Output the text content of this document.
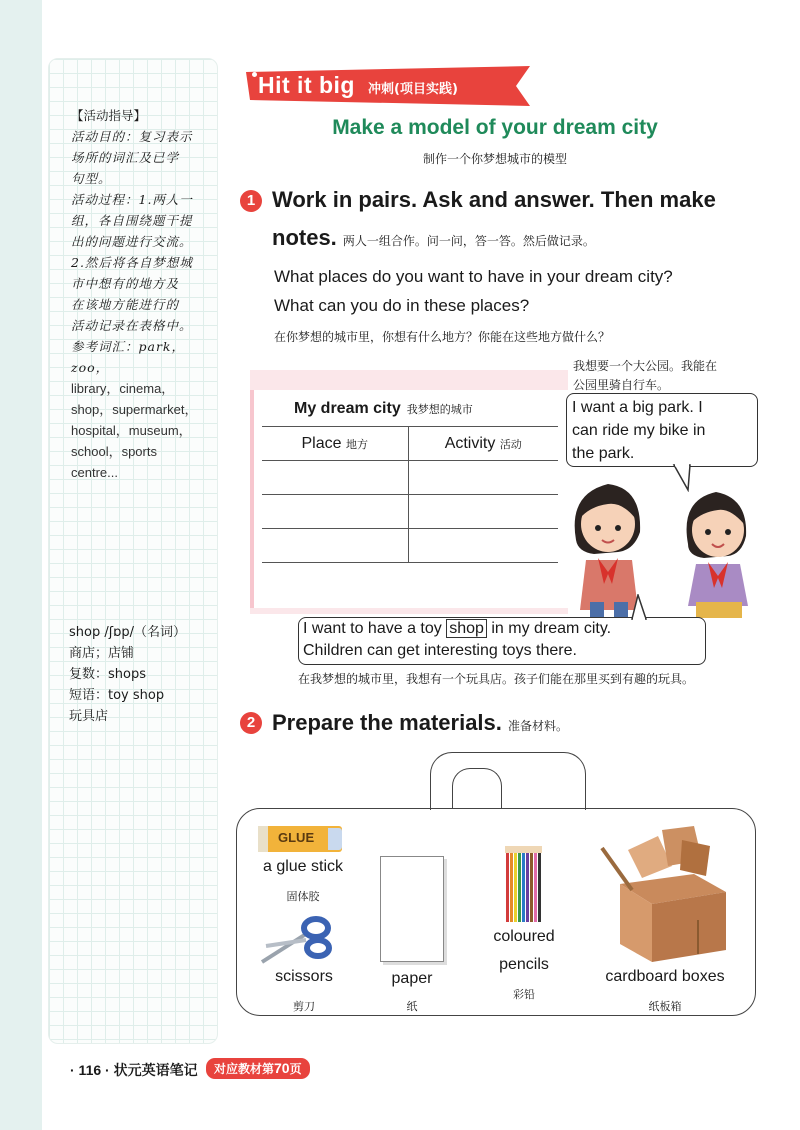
【活动指导】
活动目的：复习表示
场所的词汇及已学
句型。
活动过程：1.两人一
组，各自围绕题干提
出的问题进行交流。
2.然后将各自梦想城
市中想有的地方及
在该地方能进行的
活动记录在表格中。
参考词汇：park，zoo，
library，cinema，
shop，supermarket，
hospital，museum，
school，sports
centre...
shop /ʃɒp/（名词）
商店；店铺
复数：shops
短语：toy shop
玩具店
Hit it big 冲刺(项目实践)
Make a model of your dream city
制作一个你梦想城市的模型
1 Work in pairs. Ask and answer. Then make
notes. 两人一组合作。问一问，答一答。然后做记录。
What places do you want to have in your dream city?
What can you do in these places?
在你梦想的城市里，你想有什么地方？你能在这些地方做什么？
My dream city 我梦想的城市
Place 地方	Activity 活动

我想要一个大公园。我能在
公园里骑自行车。
I want a big park. I
can ride my bike in
the park.
I want to have a toy shop in my dream city.
Children can get interesting toys there.
在我梦想的城市里，我想有一个玩具店。孩子们能在那里买到有趣的玩具。
2 Prepare the materials. 准备材料。
GLUE
a glue stick
固体胶
scissors
剪刀
paper
纸
coloured
pencils
彩铅
cardboard boxes
纸板箱
· 116 · 状元英语笔记	对应教材第70页
